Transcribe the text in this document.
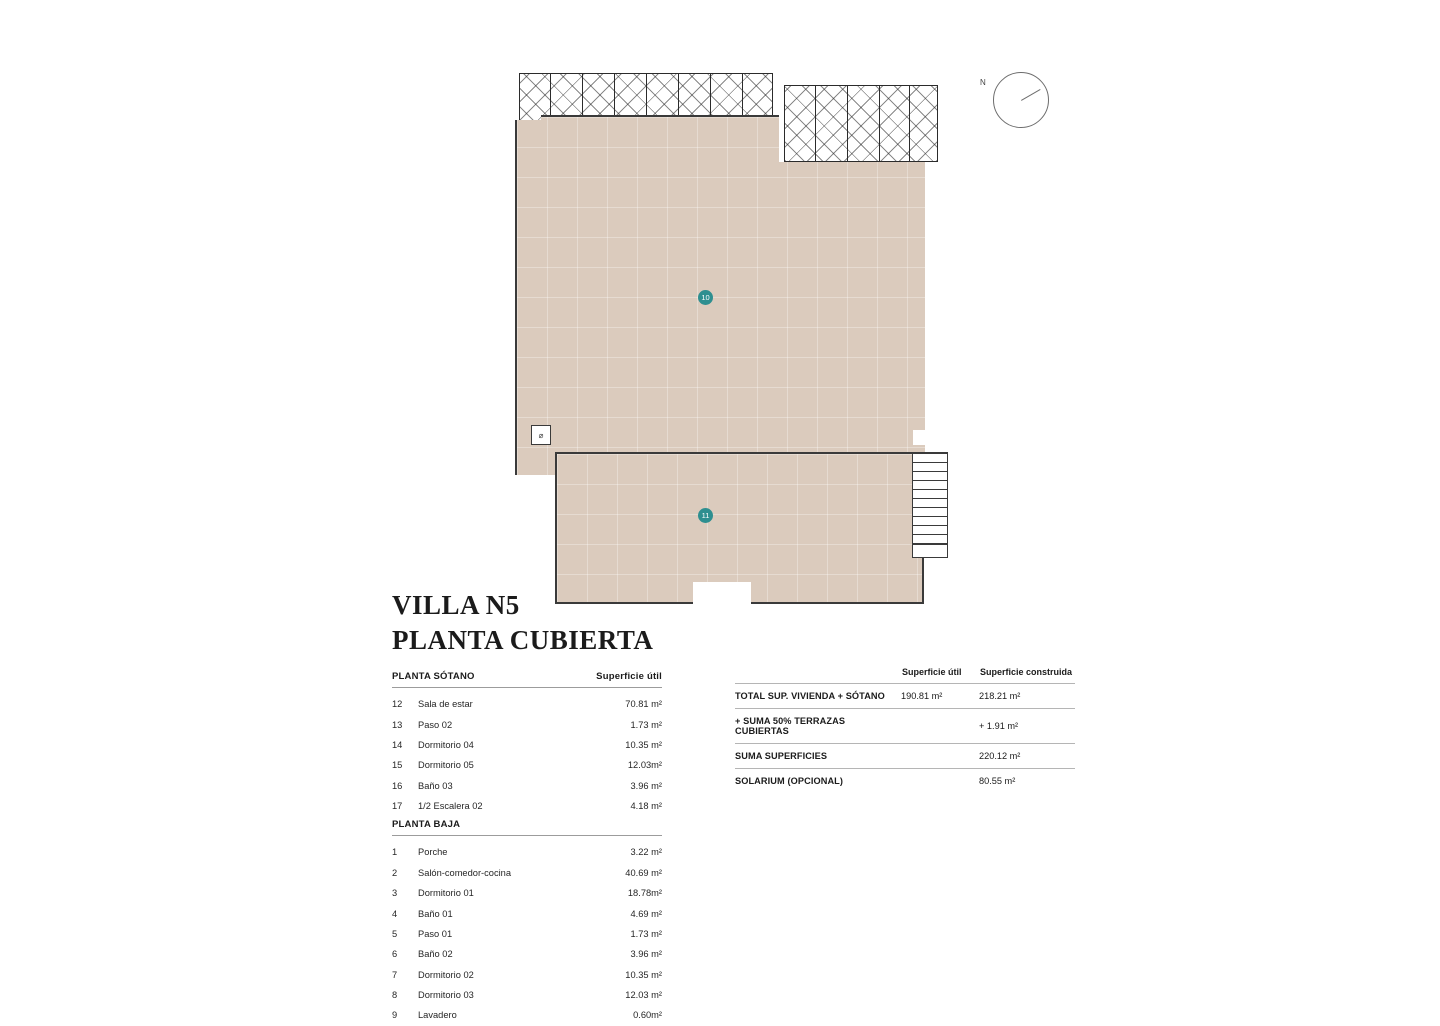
10
⌀
11
N
VILLA N5
PLANTA CUBIERTA
PLANTA SÓTANO		Superficie útil

12	Sala de estar	70.81 m²
13	Paso 02	1.73 m²
14	Dormitorio 04	10.35 m²
15	Dormitorio 05	12.03m²
16	Baño 03	3.96 m²
17	1/2 Escalera 02	4.18 m²
PLANTA BAJA		

1	Porche	3.22 m²
2	Salón-comedor-cocina	40.69 m²
3	Dormitorio 01	18.78m²
4	Baño 01	4.69 m²
5	Paso 01	1.73 m²
6	Baño 02	3.96 m²
7	Dormitorio 02	10.35 m²
8	Dormitorio 03	12.03 m²
9	Lavadero	0.60m²
	Superficie útil	Superficie construida
TOTAL SUP. VIVIENDA + SÓTANO	190.81 m²	218.21 m²
+ SUMA 50% TERRAZAS CUBIERTAS		+ 1.91 m²
SUMA SUPERFICIES		220.12 m²
SOLARIUM (OPCIONAL)		80.55 m²
